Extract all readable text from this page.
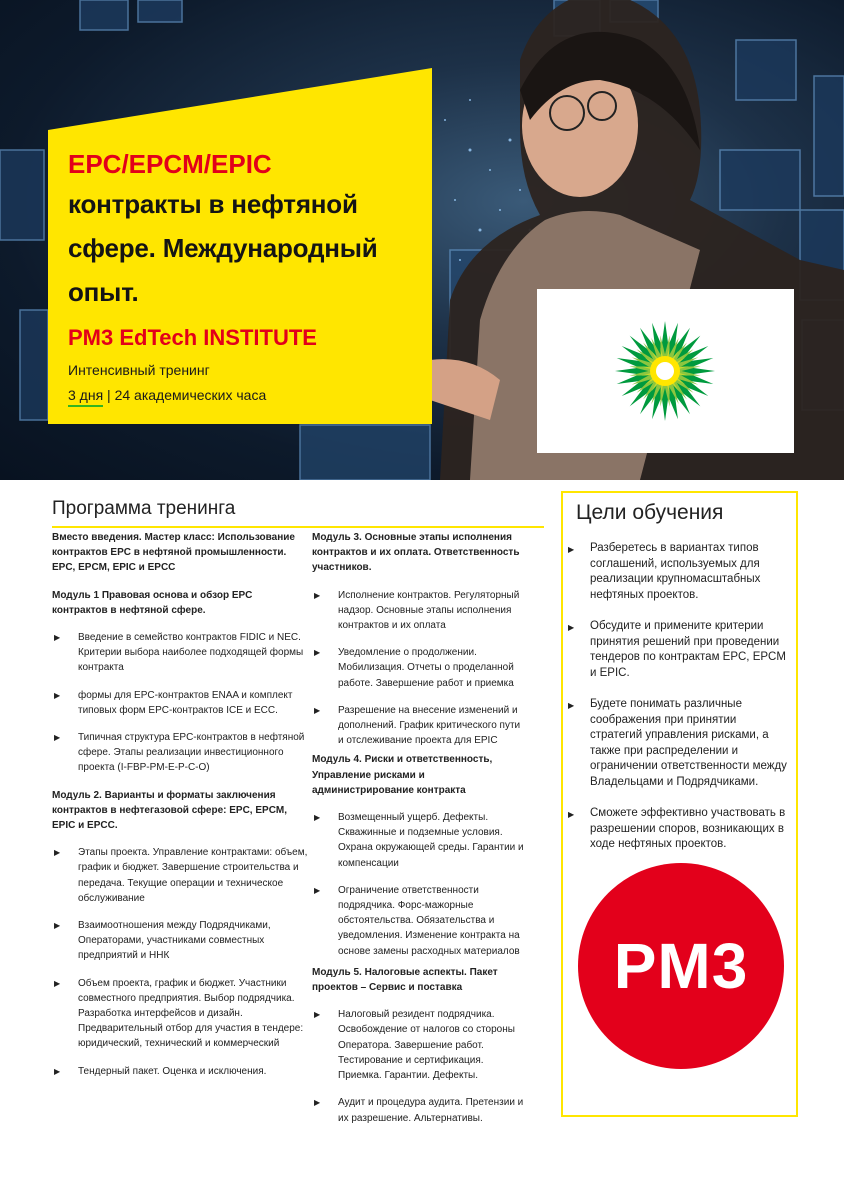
EPC/EPCM/EPIC
контракты в нефтяной
сфере. Международный
опыт.
PM3 EdTech INSTITUTE
Интенсивный тренинг
3 дня | 24 академических часа
Программа тренинга
Вместо введения. Мастер класс: Использование контрактов EPC в нефтяной промышленности. EPC, EPCM, EPIC и EPCC
Модуль 1 Правовая основа и обзор EPC контрактов в нефтяной сфере.
▶ Введение в семейство контрактов FIDIC и NEC. Критерии выбора наиболее подходящей формы контракта
▶ формы для EPC-контрактов ENAA и комплект типовых форм EPC-контрактов ICE и ECC.
▶ Типичная структура EPC-контрактов в нефтяной сфере. Этапы реализации инвестиционного проекта (I-FBP-PM-E-P-C-O)
Модуль 2. Варианты и форматы заключения контрактов в нефтегазовой сфере: EPC, EPCM, EPIC и EPCC.
▶ Этапы проекта. Управление контрактами: объем, график и бюджет. Завершение строительства и передача. Текущие операции и техническое обслуживание
▶ Взаимоотношения между Подрядчиками, Операторами, участниками совместных предприятий и ННК
▶ Объем проекта, график и бюджет. Участники совместного предприятия. Выбор подрядчика. Разработка интерфейсов и дизайн. Предварительный отбор для участия в тендере: юридический, технический и коммерческий
▶ Тендерный пакет. Оценка и исключения.
Модуль 3. Основные этапы исполнения контрактов и их оплата. Ответственность участников.
▶ Исполнение контрактов. Регуляторный надзор. Основные этапы исполнения контрактов и их оплата
▶ Уведомление о продолжении. Мобилизация. Отчеты о проделанной работе. Завершение работ и приемка
▶ Разрешение на внесение изменений и дополнений. График критического пути и отслеживание проекта для EPIC
Модуль 4. Риски и ответственность, Управление рисками и администрирование контракта
▶ Возмещенный ущерб. Дефекты. Скважинные и подземные условия. Охрана окружающей среды. Гарантии и компенсации
▶ Ограничение ответственности подрядчика. Форс-мажорные обстоятельства. Обязательства и уведомления. Изменение контракта на основе замены расходных материалов
Модуль 5. Налоговые аспекты. Пакет проектов – Сервис и поставка
▶ Налоговый резидент подрядчика. Освобождение от налогов со стороны Оператора. Завершение работ. Тестирование и сертификация. Приемка. Гарантии. Дефекты.
▶ Аудит и процедура аудита. Претензии и их разрешение. Альтернативы.
Цели обучения
▶ Разберетесь в вариантах типов соглашений, используемых для реализации крупномасштабных нефтяных проектов.
▶ Обсудите и примените критерии принятия решений при проведении тендеров по контрактам EPC, EPCM и EPIC.
▶ Будете понимать различные соображения при принятии стратегий управления рисками, а также при распределении и ограничении ответственности между Владельцами и Подрядчиками.
▶ Сможете эффективно участвовать в разрешении споров, возникающих в ходе нефтяных проектов.
PM3
